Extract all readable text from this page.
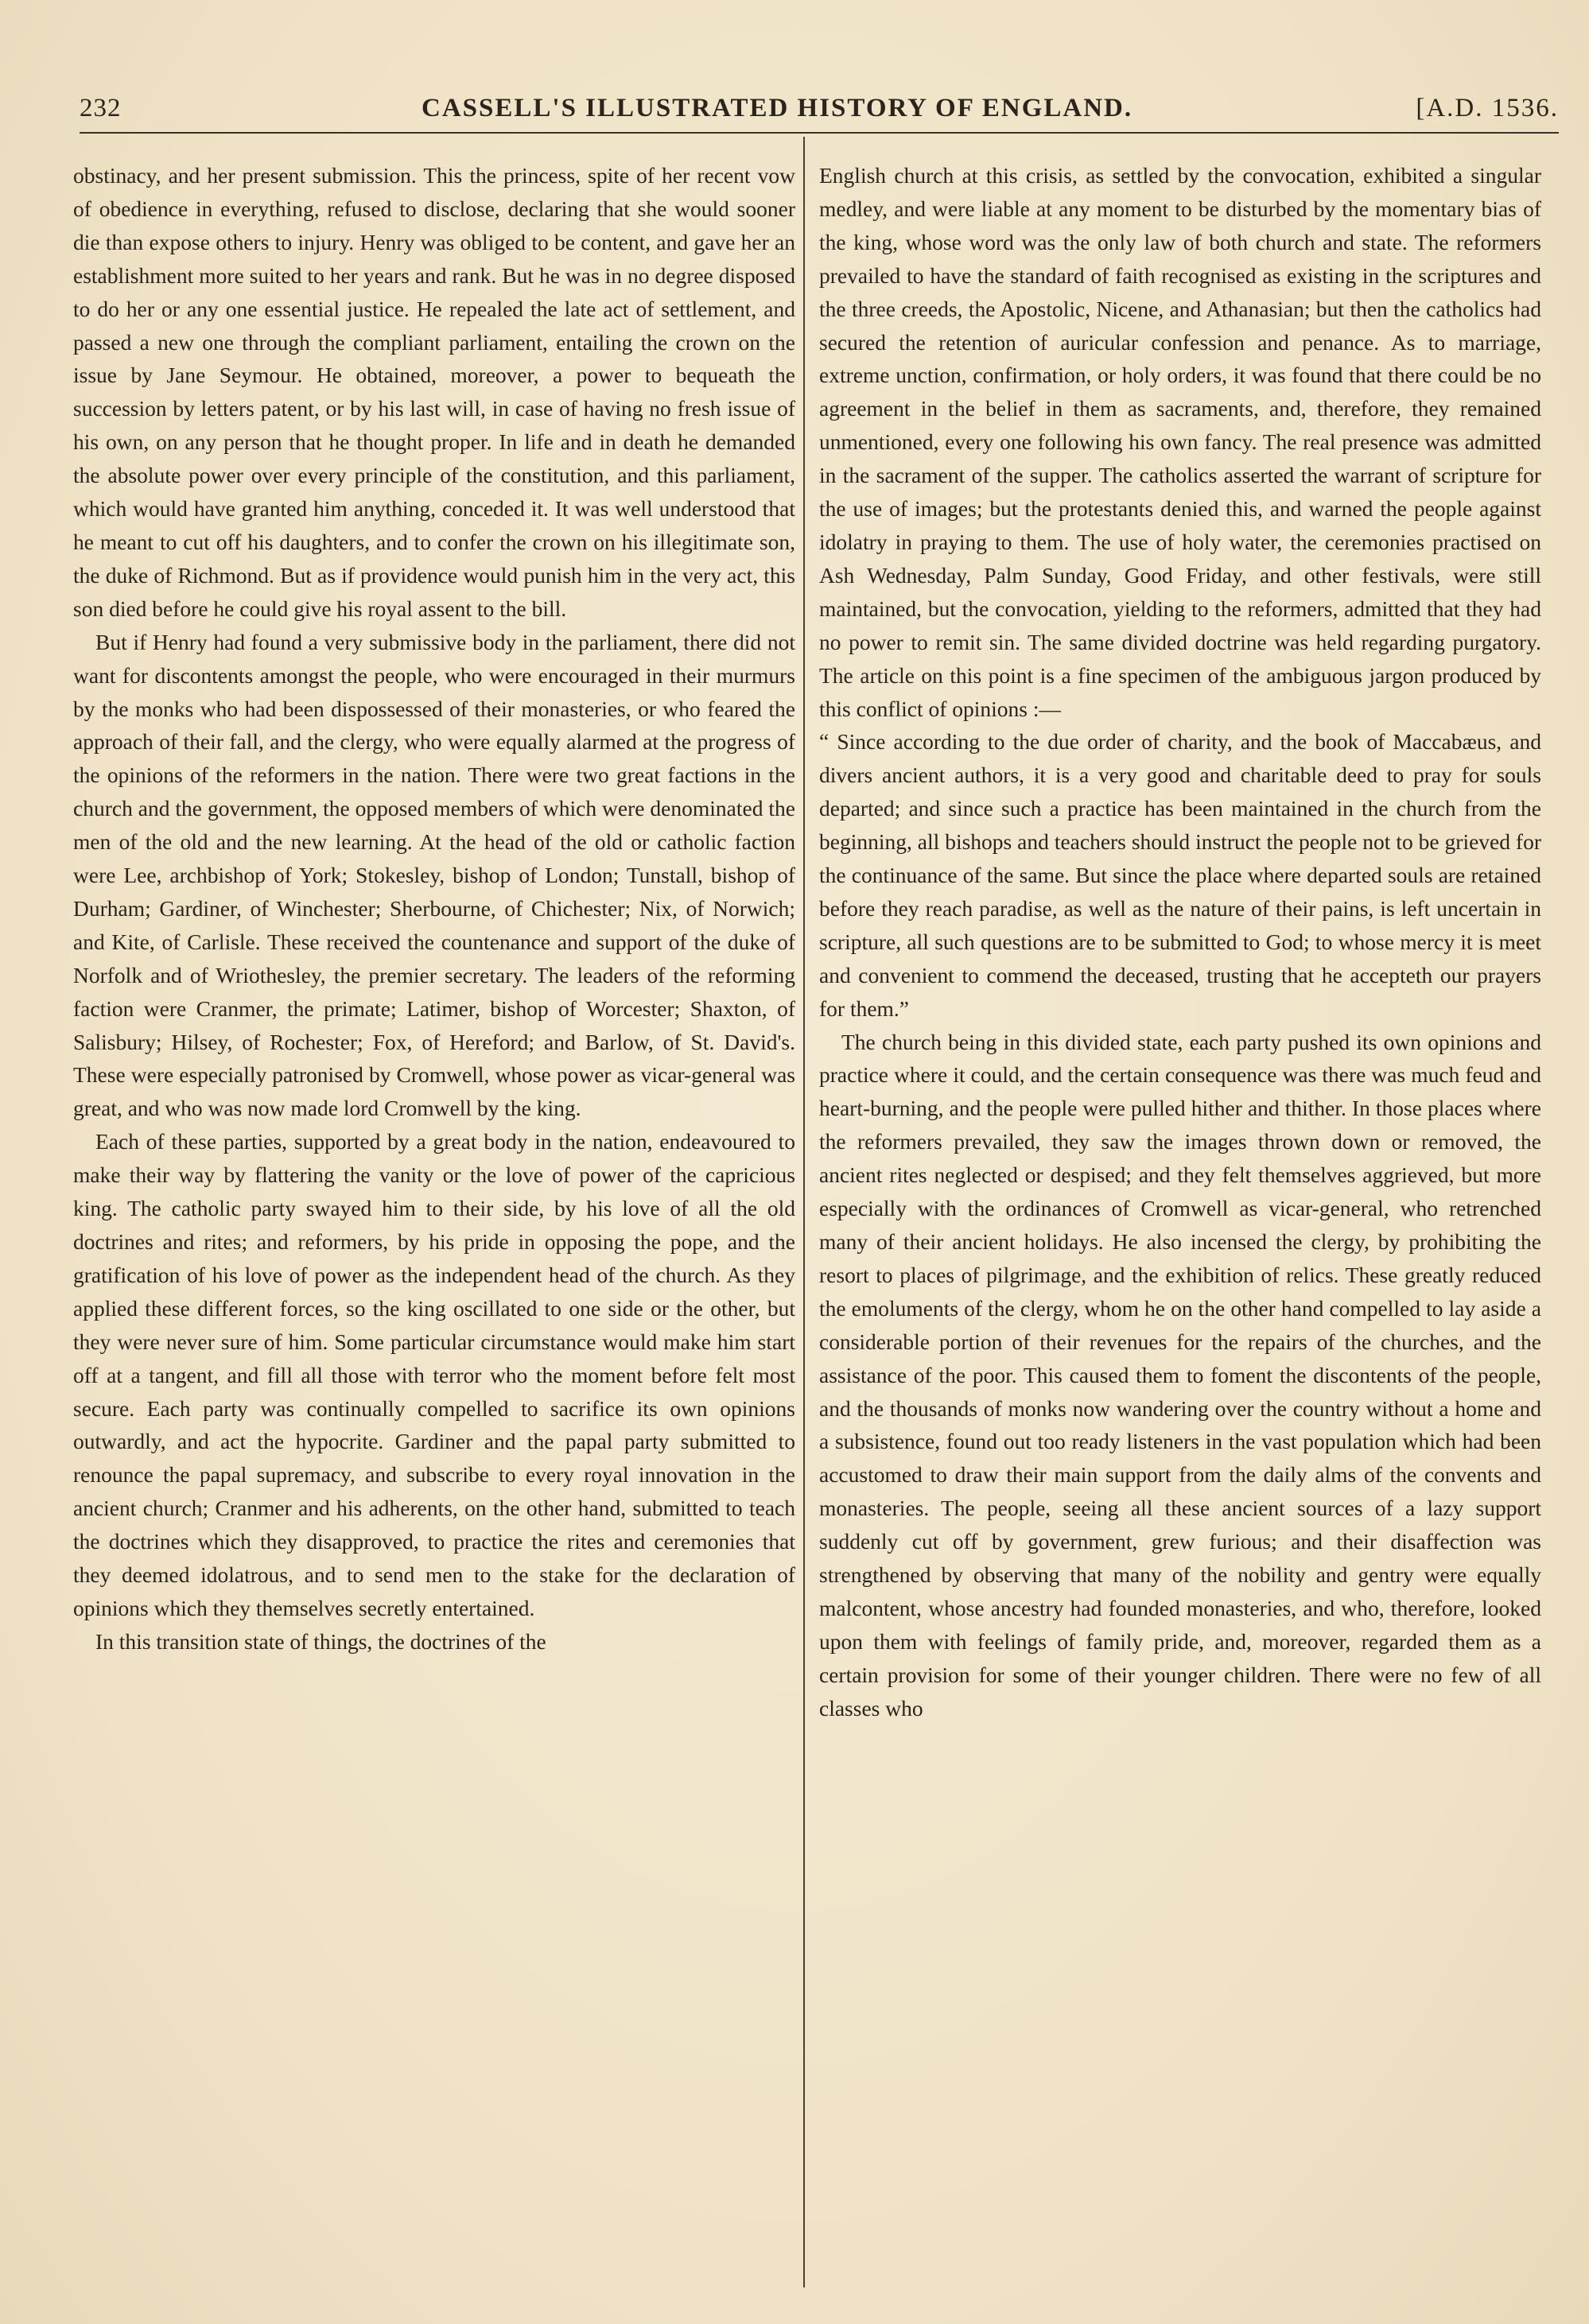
232	CASSELL'S ILLUSTRATED HISTORY OF ENGLAND.	[A.D. 1536.

obstinacy, and her present submission. This the princess, spite of her recent vow of obedience in everything, refused to disclose, declaring that she would sooner die than expose others to injury. Henry was obliged to be content, and gave her an establishment more suited to her years and rank. But he was in no degree disposed to do her or any one essential justice. He repealed the late act of settlement, and passed a new one through the compliant parliament, entailing the crown on the issue by Jane Seymour. He obtained, moreover, a power to bequeath the succession by letters patent, or by his last will, in case of having no fresh issue of his own, on any person that he thought proper. In life and in death he demanded the absolute power over every principle of the constitution, and this parliament, which would have granted him anything, conceded it. It was well understood that he meant to cut off his daughters, and to confer the crown on his illegitimate son, the duke of Richmond. But as if providence would punish him in the very act, this son died before he could give his royal assent to the bill.

But if Henry had found a very submissive body in the parliament, there did not want for discontents amongst the people, who were encouraged in their murmurs by the monks who had been dispossessed of their monasteries, or who feared the approach of their fall, and the clergy, who were equally alarmed at the progress of the opinions of the reformers in the nation. There were two great factions in the church and the government, the opposed members of which were denominated the men of the old and the new learning. At the head of the old or catholic faction were Lee, archbishop of York; Stokesley, bishop of London; Tunstall, bishop of Durham; Gardiner, of Winchester; Sherbourne, of Chichester; Nix, of Norwich; and Kite, of Carlisle. These received the countenance and support of the duke of Norfolk and of Wriothesley, the premier secretary. The leaders of the reforming faction were Cranmer, the primate; Latimer, bishop of Worcester; Shaxton, of Salisbury; Hilsey, of Rochester; Fox, of Hereford; and Barlow, of St. David's. These were especially patronised by Cromwell, whose power as vicar-general was great, and who was now made lord Cromwell by the king.

Each of these parties, supported by a great body in the nation, endeavoured to make their way by flattering the vanity or the love of power of the capricious king. The catholic party swayed him to their side, by his love of all the old doctrines and rites; and reformers, by his pride in opposing the pope, and the gratification of his love of power as the independent head of the church. As they applied these different forces, so the king oscillated to one side or the other, but they were never sure of him. Some particular circumstance would make him start off at a tangent, and fill all those with terror who the moment before felt most secure. Each party was continually compelled to sacrifice its own opinions outwardly, and act the hypocrite. Gardiner and the papal party submitted to renounce the papal supremacy, and subscribe to every royal innovation in the ancient church; Cranmer and his adherents, on the other hand, submitted to teach the doctrines which they disapproved, to practice the rites and ceremonies that they deemed idolatrous, and to send men to the stake for the declaration of opinions which they themselves secretly entertained.

In this transition state of things, the doctrines of the

English church at this crisis, as settled by the convocation, exhibited a singular medley, and were liable at any moment to be disturbed by the momentary bias of the king, whose word was the only law of both church and state. The reformers prevailed to have the standard of faith recognised as existing in the scriptures and the three creeds, the Apostolic, Nicene, and Athanasian; but then the catholics had secured the retention of auricular confession and penance. As to marriage, extreme unction, confirmation, or holy orders, it was found that there could be no agreement in the belief in them as sacraments, and, therefore, they remained unmentioned, every one following his own fancy. The real presence was admitted in the sacrament of the supper. The catholics asserted the warrant of scripture for the use of images; but the protestants denied this, and warned the people against idolatry in praying to them. The use of holy water, the ceremonies practised on Ash Wednesday, Palm Sunday, Good Friday, and other festivals, were still maintained, but the convocation, yielding to the reformers, admitted that they had no power to remit sin. The same divided doctrine was held regarding purgatory. The article on this point is a fine specimen of the ambiguous jargon produced by this conflict of opinions :—

“ Since according to the due order of charity, and the book of Maccabæus, and divers ancient authors, it is a very good and charitable deed to pray for souls departed; and since such a practice has been maintained in the church from the beginning, all bishops and teachers should instruct the people not to be grieved for the continuance of the same. But since the place where departed souls are retained before they reach paradise, as well as the nature of their pains, is left uncertain in scripture, all such questions are to be submitted to God; to whose mercy it is meet and convenient to commend the deceased, trusting that he accepteth our prayers for them.”

The church being in this divided state, each party pushed its own opinions and practice where it could, and the certain consequence was there was much feud and heart-burning, and the people were pulled hither and thither. In those places where the reformers prevailed, they saw the images thrown down or removed, the ancient rites neglected or despised; and they felt themselves aggrieved, but more especially with the ordinances of Cromwell as vicar-general, who retrenched many of their ancient holidays. He also incensed the clergy, by prohibiting the resort to places of pilgrimage, and the exhibition of relics. These greatly reduced the emoluments of the clergy, whom he on the other hand compelled to lay aside a considerable portion of their revenues for the repairs of the churches, and the assistance of the poor. This caused them to foment the discontents of the people, and the thousands of monks now wandering over the country without a home and a subsistence, found out too ready listeners in the vast population which had been accustomed to draw their main support from the daily alms of the convents and monasteries. The people, seeing all these ancient sources of a lazy support suddenly cut off by government, grew furious; and their disaffection was strengthened by observing that many of the nobility and gentry were equally malcontent, whose ancestry had founded monasteries, and who, therefore, looked upon them with feelings of family pride, and, moreover, regarded them as a certain provision for some of their younger children. There were no few of all classes who
